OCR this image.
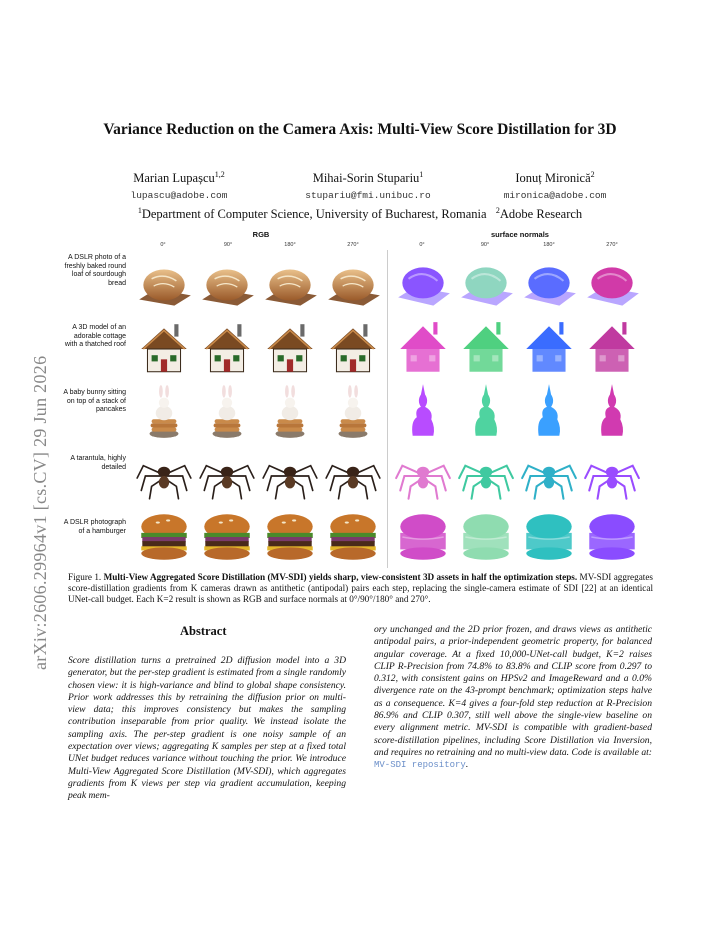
Variance Reduction on the Camera Axis: Multi-View Score Distillation for 3D
Marian Lupașcu$^{1,2}$	Mihai-Sorin Stupariu$^1$	Ionuț Mironică$^2$
lupascu@adobe.com	stupariu@fmi.unibuc.ro	mironica@adobe.com
$^1$Department of Computer Science, University of Bucharest, Romania $^2$Adobe Research
arXiv:2606.29964v1 [cs.CV] 29 Jun 2026
RGB	surface normals
0°	90°	180°	270°	0°	90°	180°	270°
A DSLR photo of a freshly baked round loaf of sourdough bread
A 3D model of an adorable cottage with a thatched roof
A baby bunny sitting on top of a stack of pancakes
A tarantula, highly detailed
A DSLR photograph of a hamburger
Figure 1. Multi-View Aggregated Score Distillation (MV-SDI) yields sharp, view-consistent 3D assets in half the optimization steps. MV-SDI aggregates score-distillation gradients from K cameras drawn as antithetic (antipodal) pairs each step, replacing the single-camera estimate of SDI [22] at an identical UNet-call budget. Each K=2 result is shown as RGB and surface normals at 0°/90°/180° and 270°.
Abstract
Score distillation turns a pretrained 2D diffusion model into a 3D generator, but the per-step gradient is estimated from a single randomly chosen view: it is high-variance and blind to global shape consistency. Prior work addresses this by retraining the diffusion prior on multi-view data; this improves consistency but makes the sampling contribution inseparable from prior quality. We instead isolate the sampling axis. The per-step gradient is one noisy sample of an expectation over views; aggregating K samples per step at a fixed total UNet budget reduces variance without touching the prior. We introduce Multi-View Aggregated Score Distillation (MV-SDI), which aggregates gradients from K views per step via gradient accumulation, keeping peak mem-
ory unchanged and the 2D prior frozen, and draws views as antithetic antipodal pairs, a prior-independent geometric property, for balanced angular coverage. At a fixed 10,000-UNet-call budget, K=2 raises CLIP R-Precision from 74.8% to 83.8% and CLIP score from 0.297 to 0.312, with consistent gains on HPSv2 and ImageReward and a 0.0% divergence rate on the 43-prompt benchmark; optimization steps halve as a consequence. K=4 gives a four-fold step reduction at R-Precision 86.9% and CLIP 0.307, still well above the single-view baseline on every alignment metric. MV-SDI is compatible with gradient-based score-distillation pipelines, including Score Distillation via Inversion, and requires no retraining and no multi-view data. Code is available at: MV-SDI repository.
